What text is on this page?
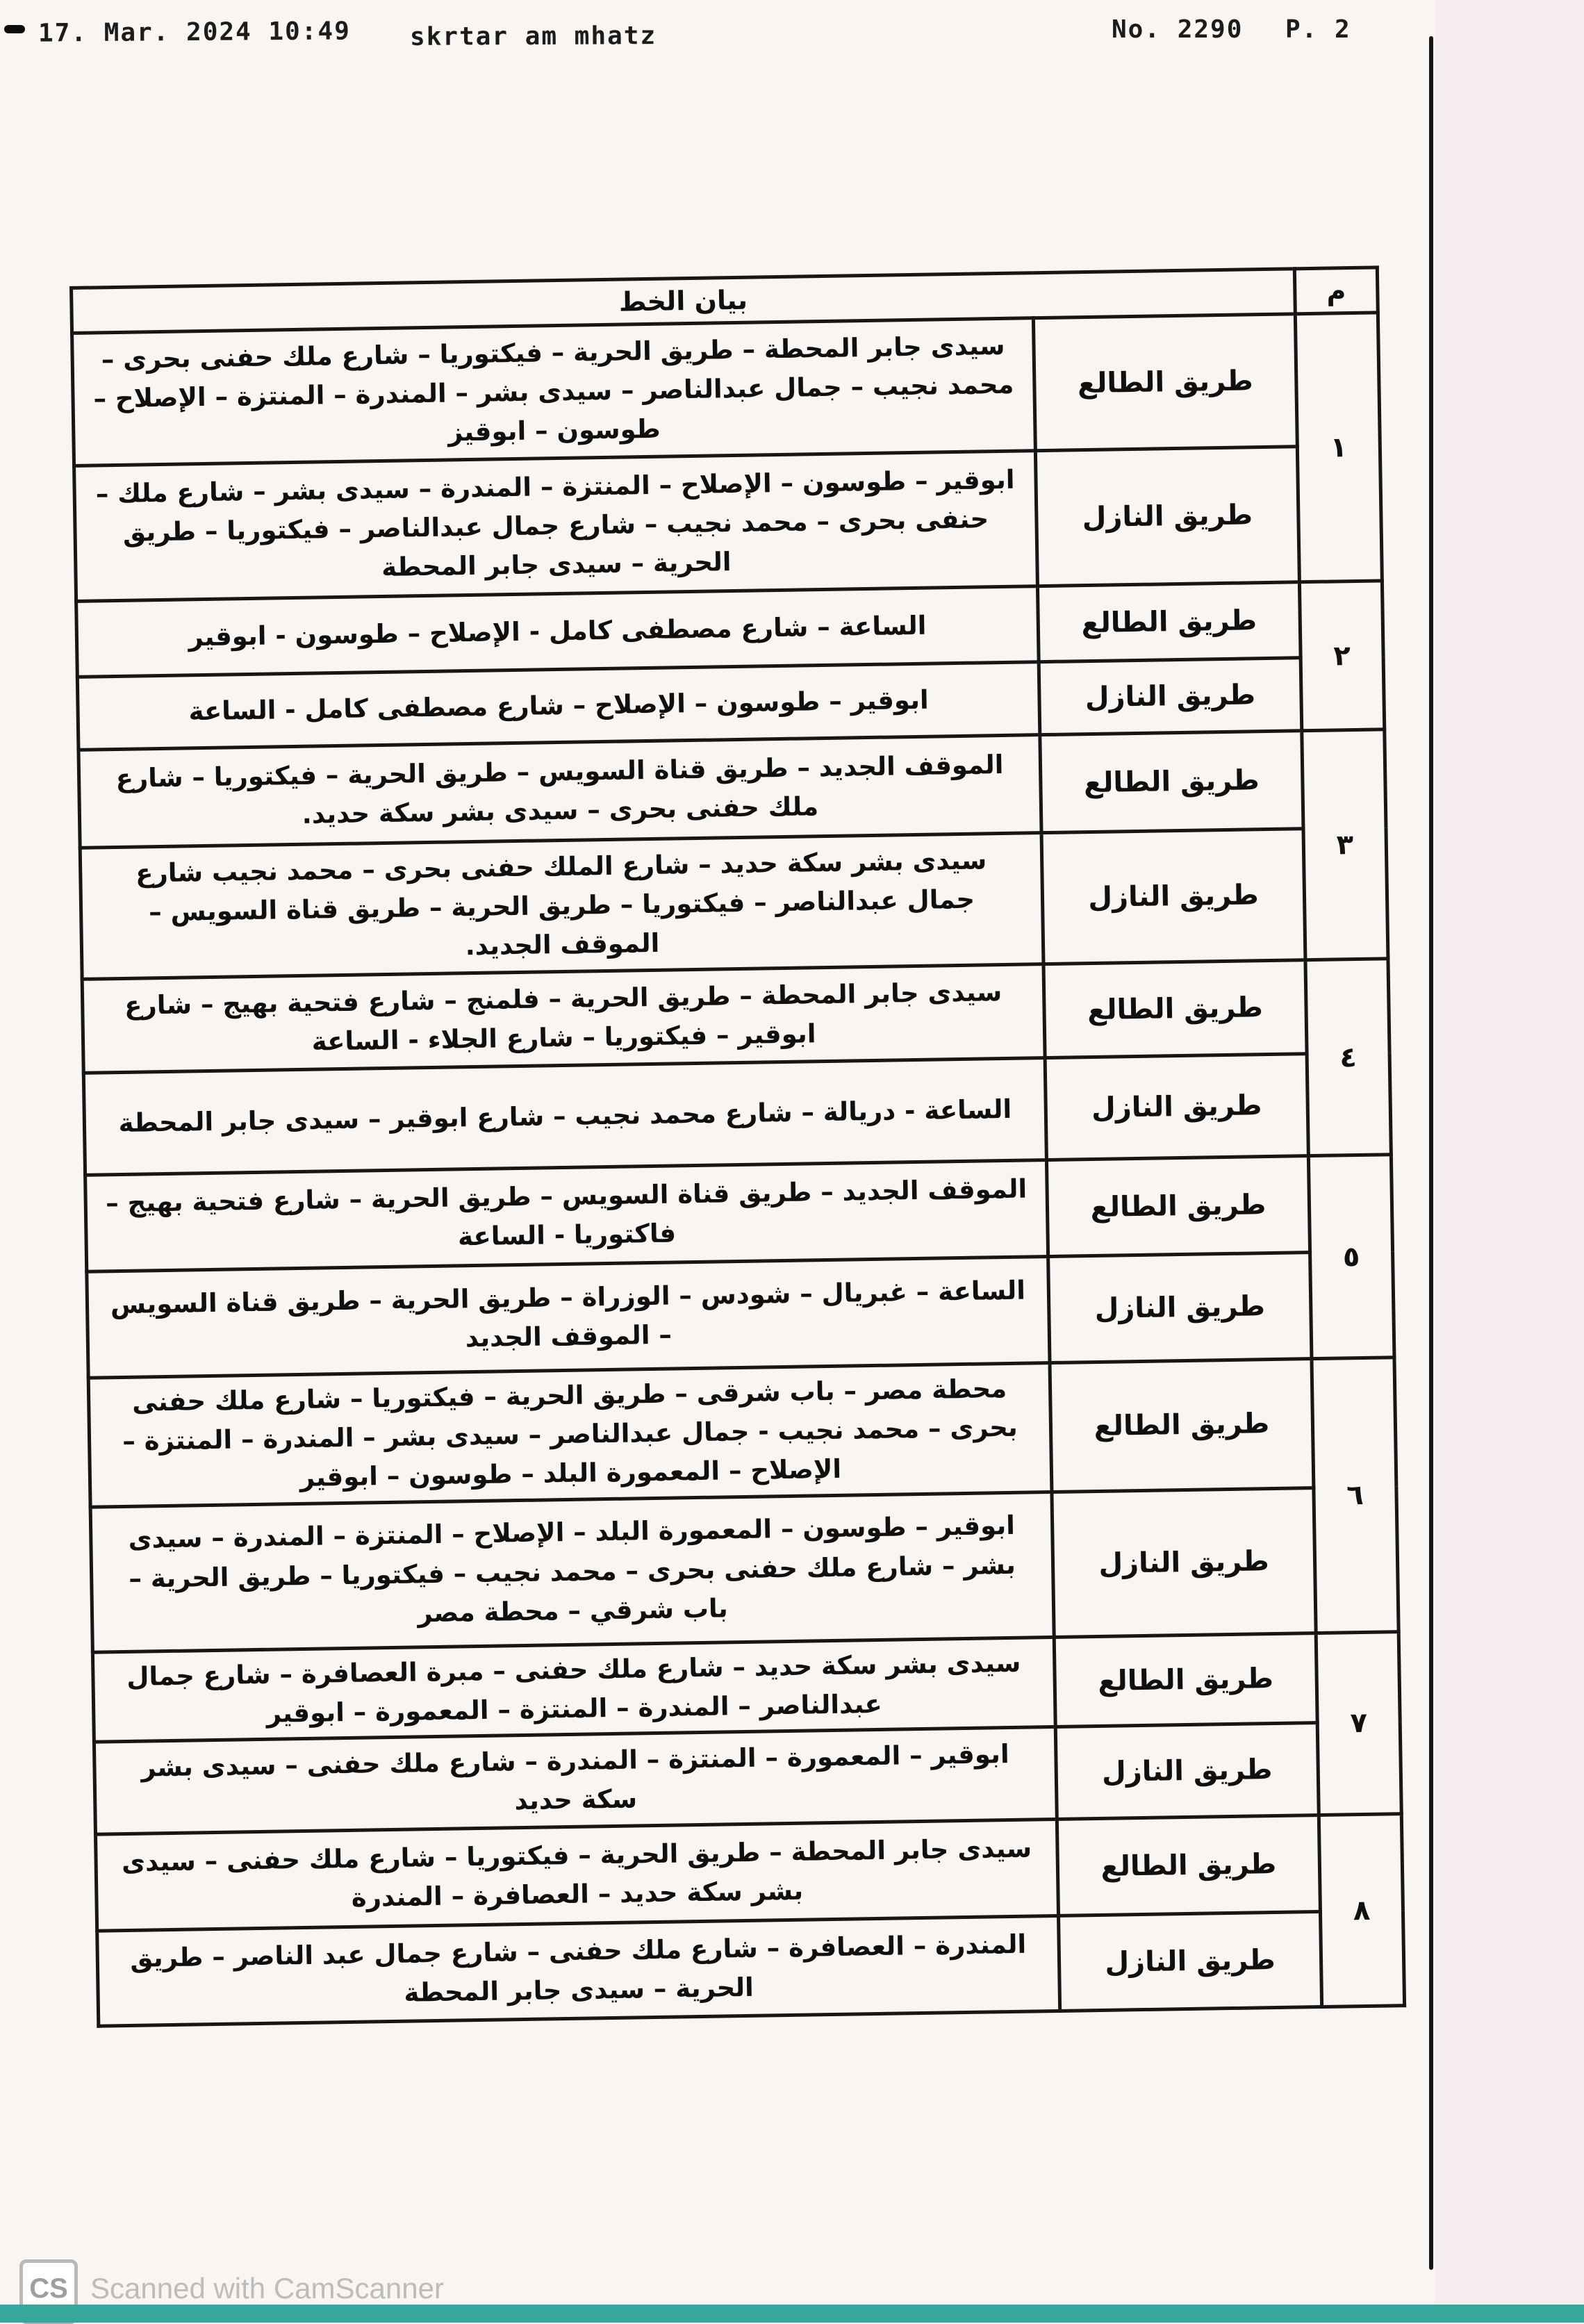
17. Mar. 2024 10:49 skrtar am mhatz	No. 2290 P. 2
م	بيان الخط	
١	طريق الطالع	سيدى جابر المحطة – طريق الحرية – فيكتوريا – شارع ملك حفنى بحرى – محمد نجيب – جمال عبدالناصر – سيدى بشر – المندرة – المنتزة – الإصلاح – طوسون – ابوقيز
	طريق النازل	ابوقير – طوسون – الإصلاح – المنتزة – المندرة – سيدى بشر – شارع ملك – حنفى بحرى – محمد نجيب – شارع جمال عبدالناصر – فيكتوريا – طريق الحرية – سيدى جابر المحطة
٢	طريق الطالع	الساعة – شارع مصطفى كامل - الإصلاح – طوسون - ابوقير
	طريق النازل	ابوقير – طوسون – الإصلاح – شارع مصطفى كامل - الساعة
٣	طريق الطالع	الموقف الجديد – طريق قناة السويس – طريق الحرية – فيكتوريا – شارع ملك حفنى بحرى – سيدى بشر سكة حديد.
	طريق النازل	سيدى بشر سكة حديد – شارع الملك حفنى بحرى – محمد نجيب شارع جمال عبدالناصر – فيكتوريا – طريق الحرية – طريق قناة السويس – الموقف الجديد.
٤	طريق الطالع	سيدى جابر المحطة – طريق الحرية – فلمنج – شارع فتحية بهيج – شارع ابوقير – فيكتوريا – شارع الجلاء - الساعة
	طريق النازل	الساعة - دريالة – شارع محمد نجيب – شارع ابوقير – سيدى جابر المحطة
٥	طريق الطالع	الموقف الجديد – طريق قناة السويس – طريق الحرية – شارع فتحية بهيج – فاكتوريا - الساعة
	طريق النازل	الساعة – غبريال – شودس – الوزراة – طريق الحرية – طريق قناة السويس – الموقف الجديد
٦	طريق الطالع	محطة مصر – باب شرقى – طريق الحرية – فيكتوريا – شارع ملك حفنى بحرى – محمد نجيب - جمال عبدالناصر – سيدى بشر – المندرة – المنتزة – الإصلاح – المعمورة البلد – طوسون – ابوقير
	طريق النازل	ابوقير – طوسون – المعمورة البلد – الإصلاح – المنتزة – المندرة – سيدى بشر – شارع ملك حفنى بحرى – محمد نجيب – فيكتوريا – طريق الحرية – باب شرقي – محطة مصر
٧	طريق الطالع	سيدى بشر سكة حديد – شارع ملك حفنى – مبرة العصافرة – شارع جمال عبدالناصر – المندرة – المنتزة – المعمورة – ابوقير
	طريق النازل	ابوقير – المعمورة – المنتزة – المندرة – شارع ملك حفنى – سيدى بشر سكة حديد
٨	طريق الطالع	سيدى جابر المحطة – طريق الحرية – فيكتوريا – شارع ملك حفنى – سيدى بشر سكة حديد – العصافرة – المندرة
	طريق النازل	المندرة – العصافرة – شارع ملك حفنى – شارع جمال عبد الناصر – طريق الحرية – سيدى جابر المحطة
CS Scanned with CamScanner
